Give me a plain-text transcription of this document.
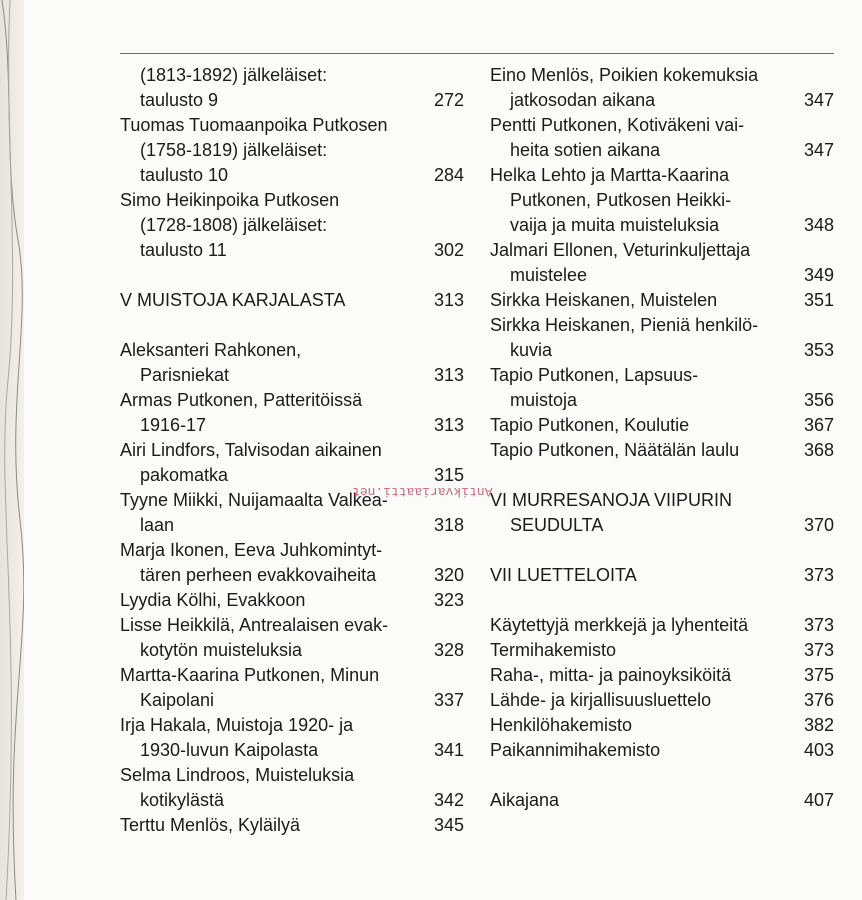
(1813-1892) jälkeläiset:
taulusto 9	272
Tuomas Tuomaanpoika Putkosen
(1758-1819) jälkeläiset:
taulusto 10	284
Simo Heikinpoika Putkosen
(1728-1808) jälkeläiset:
taulusto 11	302
V MUISTOJA KARJALASTA	313
Aleksanteri Rahkonen,
Parisniekat	313
Armas Putkonen, Patteritöissä
1916-17	313
Airi Lindfors, Talvisodan aikainen
pakomatka	315
Tyyne Miikki, Nuijamaalta Valkea-
laan	318
Marja Ikonen, Eeva Juhkomintyt-
tären perheen evakkovaiheita	320
Lyydia Kölhi, Evakkoon	323
Lisse Heikkilä, Antrealaisen evak-
kotytön muisteluksia	328
Martta-Kaarina Putkonen, Minun
Kaipolani	337
Irja Hakala, Muistoja 1920- ja
1930-luvun Kaipolasta	341
Selma Lindroos, Muisteluksia
kotikylästä	342
Terttu Menlös, Kyläilyä	345
Eino Menlös, Poikien kokemuksia
jatkosodan aikana	347
Pentti Putkonen, Kotiväkeni vai-
heita sotien aikana	347
Helka Lehto ja Martta-Kaarina
Putkonen, Putkosen Heikki-
vaija ja muita muisteluksia	348
Jalmari Ellonen, Veturinkuljettaja
muistelee	349
Sirkka Heiskanen, Muistelen	351
Sirkka Heiskanen, Pieniä henkilö-
kuvia	353
Tapio Putkonen, Lapsuus-
muistoja	356
Tapio Putkonen, Koulutie	367
Tapio Putkonen, Näätälän laulu	368
VI MURRESANOJA VIIPURIN
SEUDULTA	370
VII LUETTELOITA	373
Käytettyjä merkkejä ja lyhenteitä	373
Termihakemisto	373
Raha-, mitta- ja painoyksiköitä	375
Lähde- ja kirjallisuusluettelo	376
Henkilöhakemisto	382
Paikannimihakemisto	403
Aikajana	407
Antikvariaatti.net
